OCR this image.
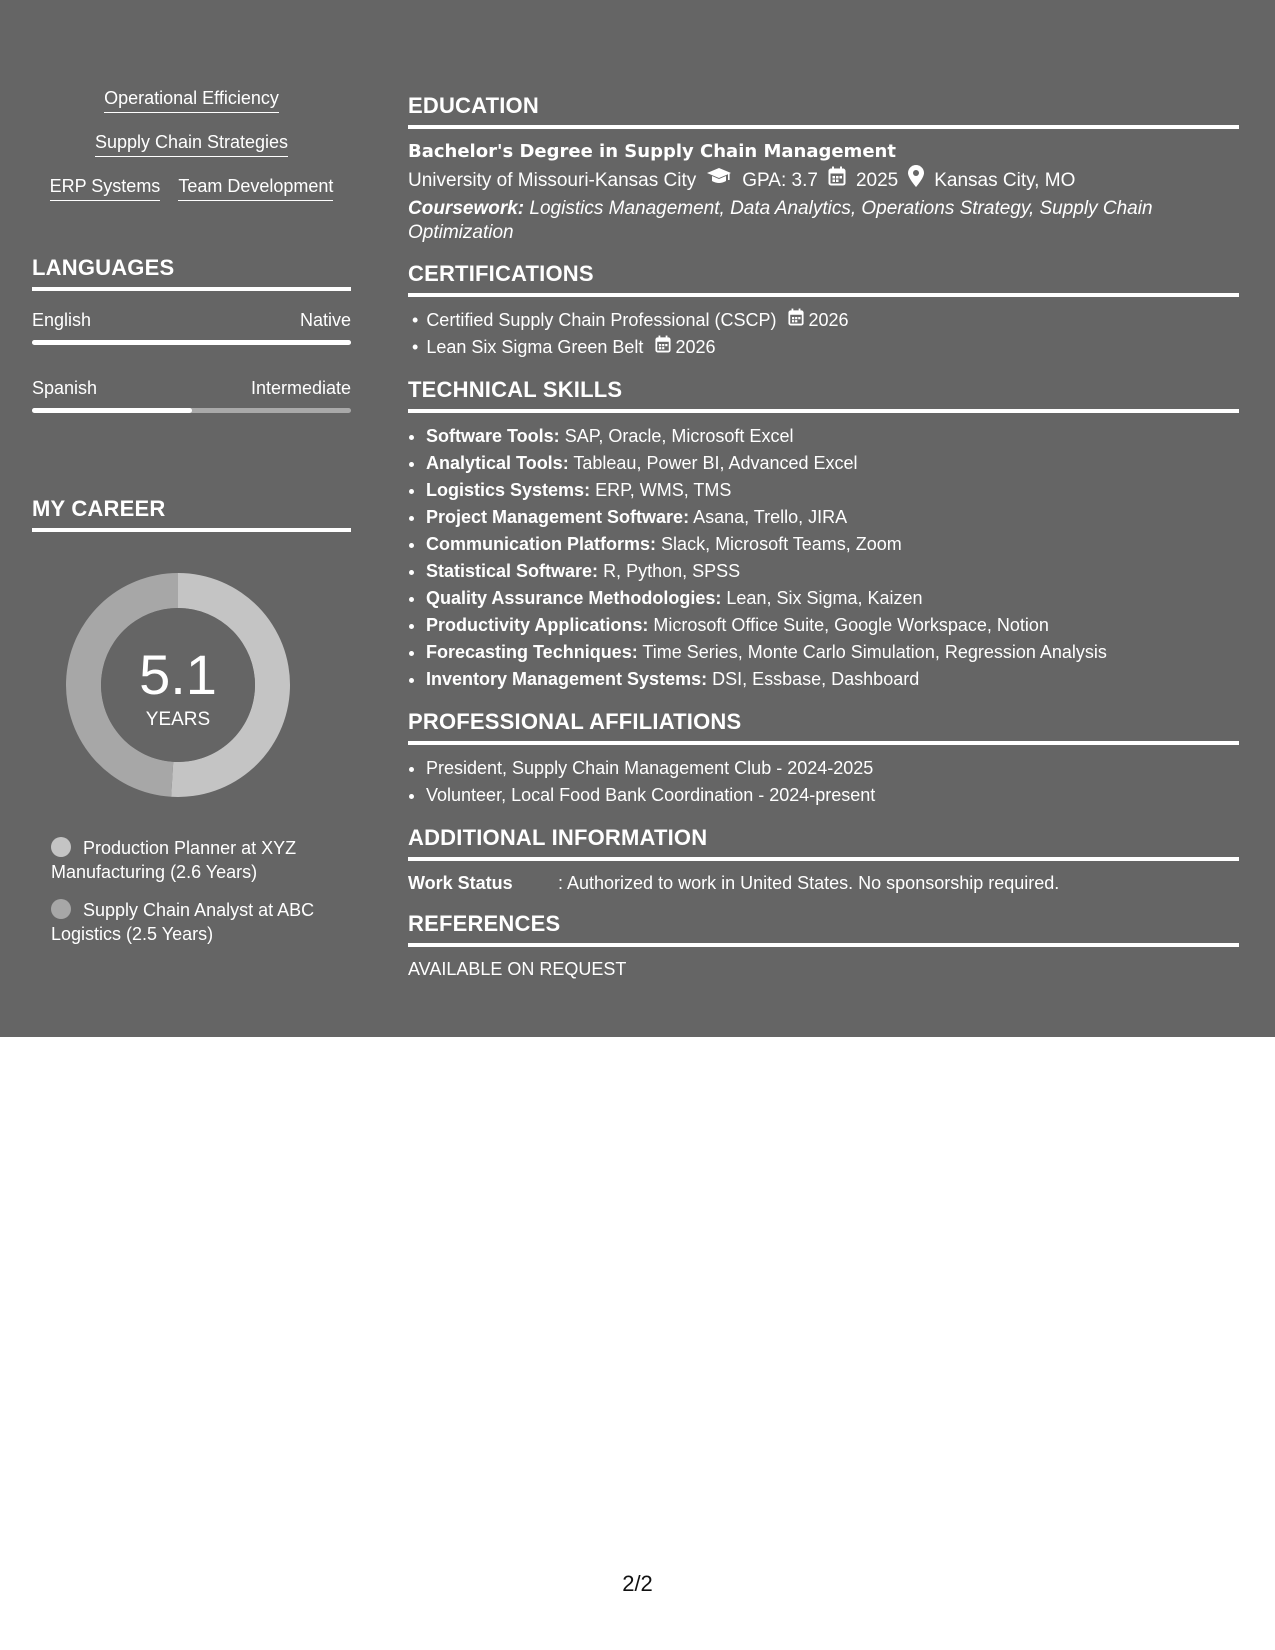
Operational Efficiency
Supply Chain Strategies
ERP Systems Team Development
LANGUAGES
English	Native
Spanish	Intermediate
MY CAREER
5.1
YEARS
Production Planner at XYZ Manufacturing (2.6 Years)
Supply Chain Analyst at ABC Logistics (2.5 Years)
EDUCATION
Bachelor's Degree in Supply Chain Management
University of Missouri-Kansas City GPA: 3.7 2025 Kansas City, MO
Coursework: Logistics Management, Data Analytics, Operations Strategy, Supply Chain Optimization
CERTIFICATIONS
• Certified Supply Chain Professional (CSCP) 2026
• Lean Six Sigma Green Belt 2026
TECHNICAL SKILLS
• Software Tools: SAP, Oracle, Microsoft Excel
• Analytical Tools: Tableau, Power BI, Advanced Excel
• Logistics Systems: ERP, WMS, TMS
• Project Management Software: Asana, Trello, JIRA
• Communication Platforms: Slack, Microsoft Teams, Zoom
• Statistical Software: R, Python, SPSS
• Quality Assurance Methodologies: Lean, Six Sigma, Kaizen
• Productivity Applications: Microsoft Office Suite, Google Workspace, Notion
• Forecasting Techniques: Time Series, Monte Carlo Simulation, Regression Analysis
• Inventory Management Systems: DSI, Essbase, Dashboard
PROFESSIONAL AFFILIATIONS
• President, Supply Chain Management Club - 2024-2025
• Volunteer, Local Food Bank Coordination - 2024-present
ADDITIONAL INFORMATION
Work Status	: Authorized to work in United States. No sponsorship required.
REFERENCES
AVAILABLE ON REQUEST
2/2
